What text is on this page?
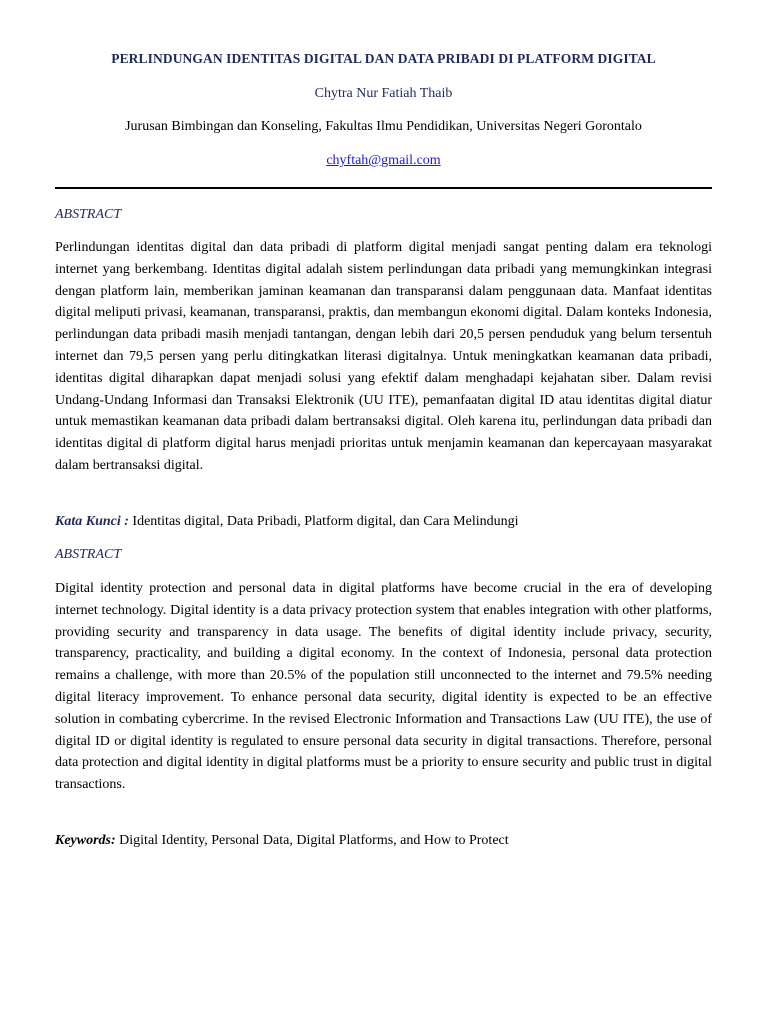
PERLINDUNGAN IDENTITAS DIGITAL DAN DATA PRIBADI DI PLATFORM DIGITAL
Chytra Nur Fatiah Thaib
Jurusan Bimbingan dan Konseling, Fakultas Ilmu Pendidikan, Universitas Negeri Gorontalo
chyftah@gmail.com
ABSTRACT
Perlindungan identitas digital dan data pribadi di platform digital menjadi sangat penting dalam era teknologi internet yang berkembang. Identitas digital adalah sistem perlindungan data pribadi yang memungkinkan integrasi dengan platform lain, memberikan jaminan keamanan dan transparansi dalam penggunaan data. Manfaat identitas digital meliputi privasi, keamanan, transparansi, praktis, dan membangun ekonomi digital. Dalam konteks Indonesia, perlindungan data pribadi masih menjadi tantangan, dengan lebih dari 20,5 persen penduduk yang belum tersentuh internet dan 79,5 persen yang perlu ditingkatkan literasi digitalnya. Untuk meningkatkan keamanan data pribadi, identitas digital diharapkan dapat menjadi solusi yang efektif dalam menghadapi kejahatan siber. Dalam revisi Undang-Undang Informasi dan Transaksi Elektronik (UU ITE), pemanfaatan digital ID atau identitas digital diatur untuk memastikan keamanan data pribadi dalam bertransaksi digital. Oleh karena itu, perlindungan data pribadi dan identitas digital di platform digital harus menjadi prioritas untuk menjamin keamanan dan kepercayaan masyarakat dalam bertransaksi digital.
Kata Kunci : Identitas digital, Data Pribadi, Platform digital, dan Cara Melindungi
ABSTRACT
Digital identity protection and personal data in digital platforms have become crucial in the era of developing internet technology. Digital identity is a data privacy protection system that enables integration with other platforms, providing security and transparency in data usage. The benefits of digital identity include privacy, security, transparency, practicality, and building a digital economy. In the context of Indonesia, personal data protection remains a challenge, with more than 20.5% of the population still unconnected to the internet and 79.5% needing digital literacy improvement. To enhance personal data security, digital identity is expected to be an effective solution in combating cybercrime. In the revised Electronic Information and Transactions Law (UU ITE), the use of digital ID or digital identity is regulated to ensure personal data security in digital transactions. Therefore, personal data protection and digital identity in digital platforms must be a priority to ensure security and public trust in digital transactions.
Keywords: Digital Identity, Personal Data, Digital Platforms, and How to Protect
